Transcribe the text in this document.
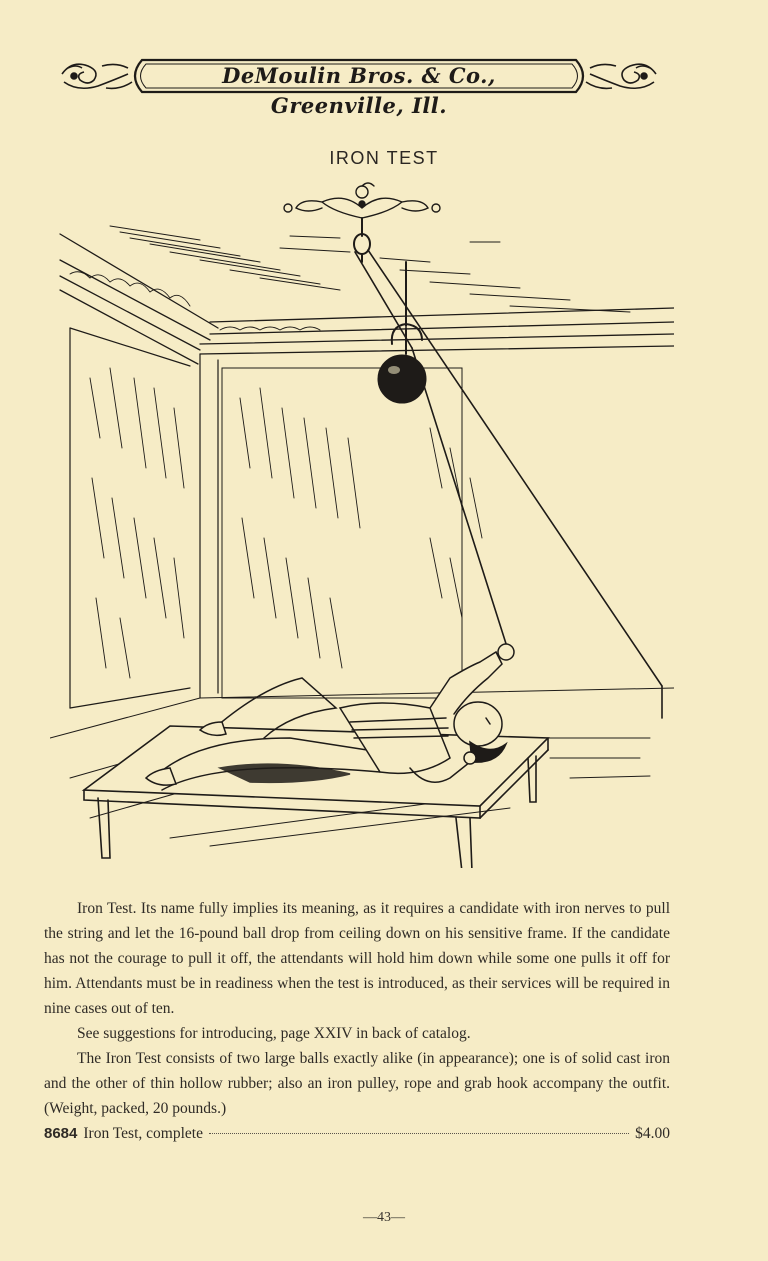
DeMoulin Bros. & Co., Greenville, Ill.
IRON TEST

Iron Test. Its name fully implies its meaning, as it requires a candidate with iron nerves to pull the string and let the 16-pound ball drop from ceiling down on his sensitive frame. If the candidate has not the courage to pull it off, the attendants will hold him down while some one pulls it off for him. Attendants must be in readiness when the test is introduced, as their services will be required in nine cases out of ten.

See suggestions for introducing, page XXIV in back of catalog.

The Iron Test consists of two large balls exactly alike (in appearance); one is of solid cast iron and the other of thin hollow rubber; also an iron pulley, rope and grab hook accompany the outfit. (Weight, packed, 20 pounds.)

8684 Iron Test, complete	$4.00
—43—
